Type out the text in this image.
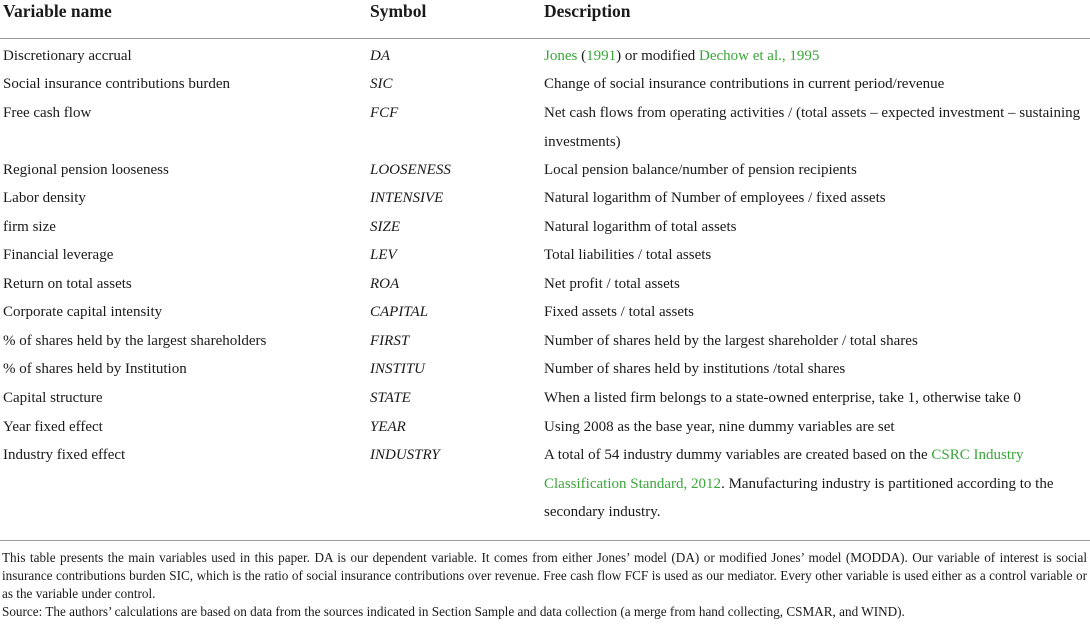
Variable name	Symbol	Description
Discretionary accrual	DA	Jones (1991) or modified Dechow et al., 1995
Social insurance contributions burden	SIC	Change of social insurance contributions in current period/revenue
Free cash flow	FCF	Net cash flows from operating activities / (total assets – expected investment – sustaining investments)
Regional pension looseness	LOOSENESS	Local pension balance/number of pension recipients
Labor density	INTENSIVE	Natural logarithm of Number of employees / fixed assets
firm size	SIZE	Natural logarithm of total assets
Financial leverage	LEV	Total liabilities / total assets
Return on total assets	ROA	Net profit / total assets
Corporate capital intensity	CAPITAL	Fixed assets / total assets
% of shares held by the largest shareholders	FIRST	Number of shares held by the largest shareholder / total shares
% of shares held by Institution	INSTITU	Number of shares held by institutions /total shares
Capital structure	STATE	When a listed firm belongs to a state-owned enterprise, take 1, otherwise take 0
Year fixed effect	YEAR	Using 2008 as the base year, nine dummy variables are set
Industry fixed effect	INDUSTRY	A total of 54 industry dummy variables are created based on the CSRC Industry Classification Standard, 2012. Manufacturing industry is partitioned according to the secondary industry.

This table presents the main variables used in this paper. DA is our dependent variable. It comes from either Jones’ model (DA) or modified Jones’ model (MODDA). Our variable of interest is social insurance contributions burden SIC, which is the ratio of social insurance contributions over revenue. Free cash flow FCF is used as our mediator. Every other variable is used either as a control variable or as the variable under control.

Source: The authors’ calculations are based on data from the sources indicated in Section Sample and data collection (a merge from hand collecting, CSMAR, and WIND).
